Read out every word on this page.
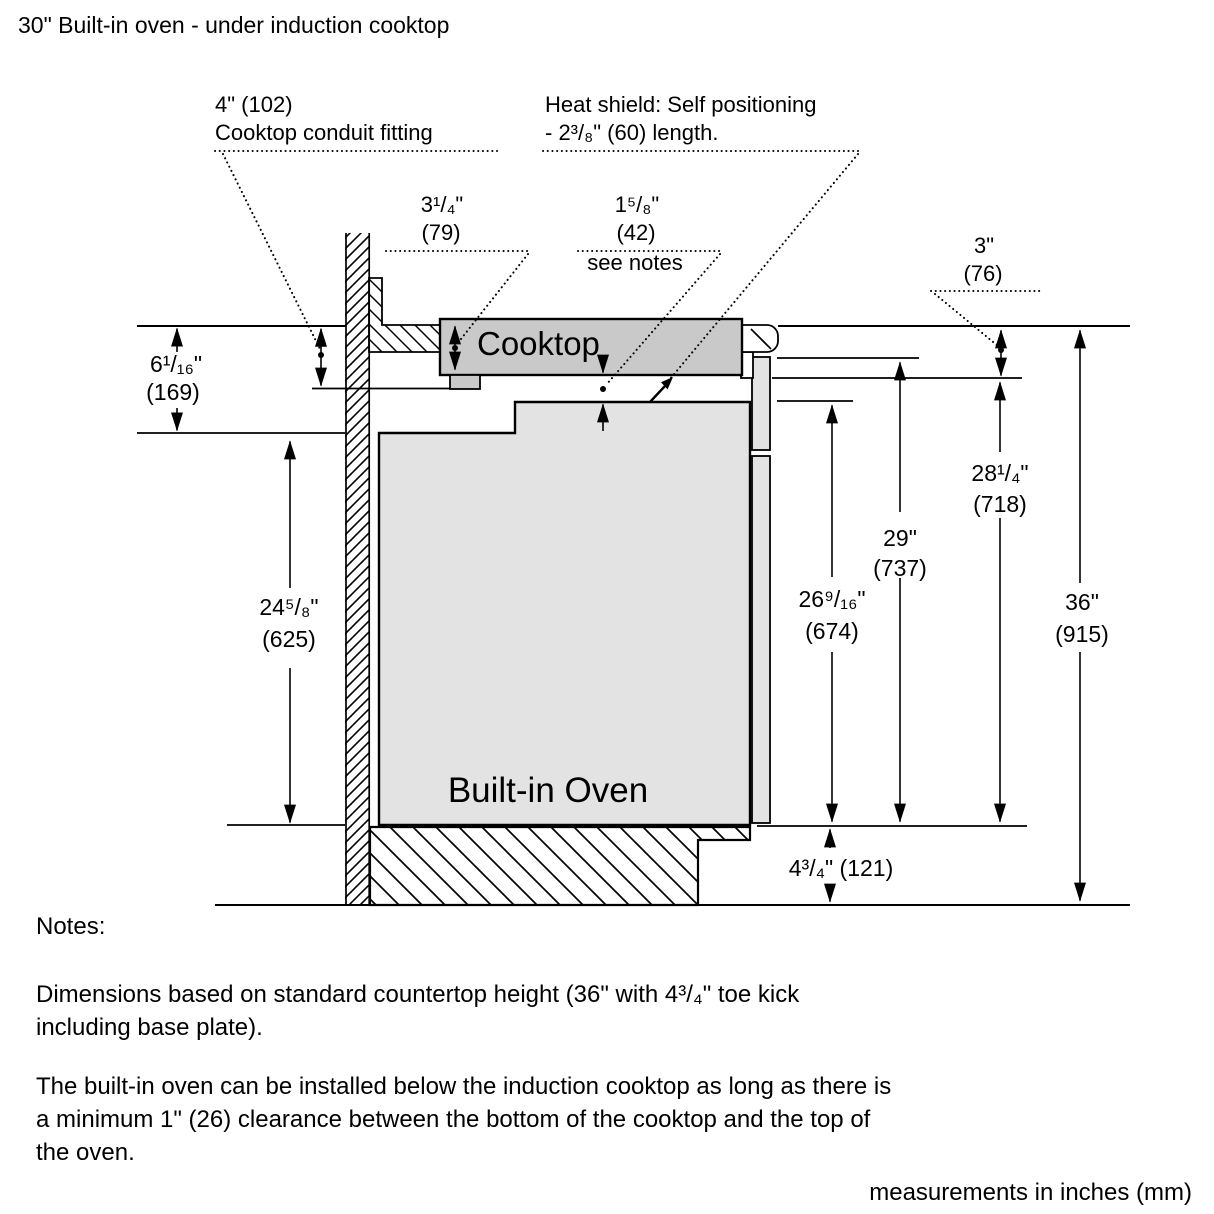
30" Built-in oven - under induction cooktop
Built-in Oven
Cooktop
6¹/₁₆"
(169)
24⁵/₈"
(625)
26⁹/₁₆"
(674)
29"
(737)
28¹/₄"
(718)
36"
(915)
4³/₄" (121)
4" (102)
Cooktop conduit fitting
Heat shield: Self positioning
- 2³/₈" (60) length.
3¹/₄"
(79)
1⁵/₈"
(42)
see notes
3"
(76)
Notes:
Dimensions based on standard countertop height (36" with 4³/₄" toe kick
including base plate).
The built-in oven can be installed below the induction cooktop as long as there is
a minimum 1" (26) clearance between the bottom of the cooktop and the top of
the oven.
measurements in inches (mm)
